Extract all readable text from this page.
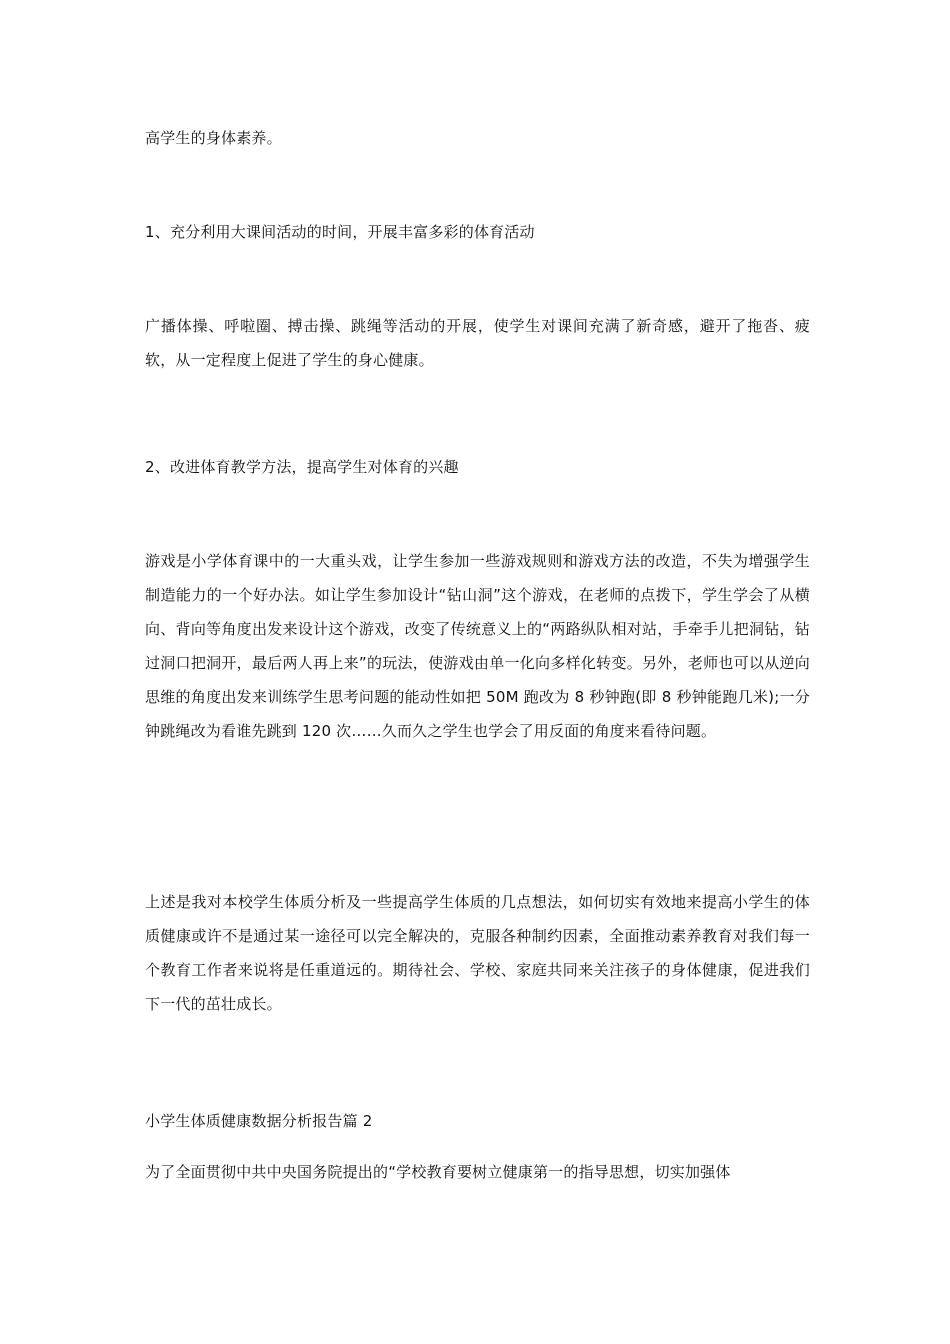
高学生的身体素养。
1、充分利用大课间活动的时间，开展丰富多彩的体育活动
广播体操、呼啦圈、搏击操、跳绳等活动的开展，使学生对课间充满了新奇感，避开了拖沓、疲软，从一定程度上促进了学生的身心健康。
2、改进体育教学方法，提高学生对体育的兴趣
游戏是小学体育课中的一大重头戏，让学生参加一些游戏规则和游戏方法的改造，不失为增强学生制造能力的一个好办法。如让学生参加设计“钻山洞”这个游戏，在老师的点拨下，学生学会了从横向、背向等角度出发来设计这个游戏，改变了传统意义上的“两路纵队相对站，手牵手儿把洞钻，钻过洞口把洞开，最后两人再上来”的玩法，使游戏由单一化向多样化转变。另外，老师也可以从逆向思维的角度出发来训练学生思考问题的能动性如把 50M 跑改为 8 秒钟跑(即 8 秒钟能跑几米);一分钟跳绳改为看谁先跳到 120 次……久而久之学生也学会了用反面的角度来看待问题。
上述是我对本校学生体质分析及一些提高学生体质的几点想法，如何切实有效地来提高小学生的体质健康或许不是通过某一途径可以完全解决的，克服各种制约因素，全面推动素养教育对我们每一个教育工作者来说将是任重道远的。期待社会、学校、家庭共同来关注孩子的身体健康，促进我们下一代的茁壮成长。
小学生体质健康数据分析报告篇 2
为了全面贯彻中共中央国务院提出的“学校教育要树立健康第一的指导思想，切实加强体
